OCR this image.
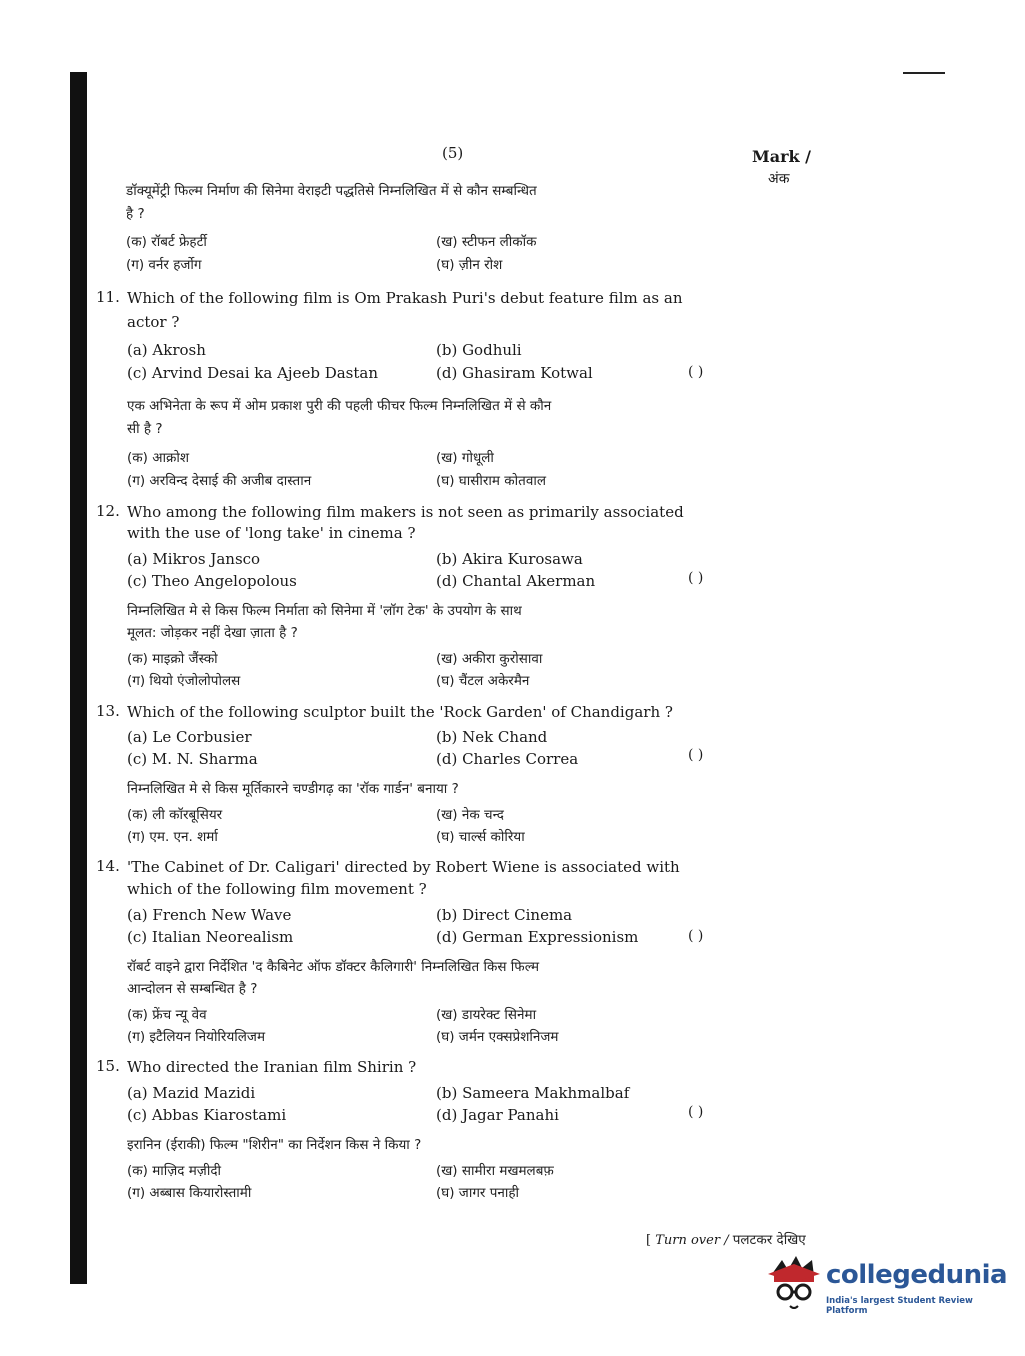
(5)	Mark /
अंक
डॉक्यूमेंट्री फिल्म निर्माण की सिनेमा वेराइटी पद्धतिसे निम्नलिखित में से कौन सम्बन्धित
है ?
(क) रॉबर्ट फ्रेहर्टी	(ख) स्टीफन लीकॉक
(ग) वर्नर हर्जोग	(घ) ज़ीन रोश
11. Which of the following film is Om Prakash Puri's debut feature film as an
actor ?
(a) Akrosh	(b) Godhuli
(c) Arvind Desai ka Ajeeb Dastan	(d) Ghasiram Kotwal	( )
एक अभिनेता के रूप में ओम प्रकाश पुरी की पहली फीचर फिल्म निम्नलिखित में से कौन
सी है ?
(क) आक्रोश	(ख) गोधूली
(ग) अरविन्द देसाई की अजीब दास्तान	(घ) घासीराम कोतवाल
12. Who among the following film makers is not seen as primarily associated
with the use of 'long take' in cinema ?
(a) Mikros Jansco	(b) Akira Kurosawa
(c) Theo Angelopolous	(d) Chantal Akerman	( )
निम्नलिखित मे से किस फिल्म निर्माता को सिनेमा में 'लॉग टेक' के उपयोग के साथ
मूलत: जोड़कर नहीं देखा ज़ाता है ?
(क) माइक्रो जैंस्को	(ख) अकीरा कुरोसावा
(ग) थियो एंजोलोपोलस	(घ) चैंटल अकेरमैन
13. Which of the following sculptor built the 'Rock Garden' of Chandigarh ?
(a) Le Corbusier	(b) Nek Chand
(c) M. N. Sharma	(d) Charles Correa	( )
निम्नलिखित मे से किस मूर्तिकारने चण्डीगढ़ का 'रॉक गार्डन' बनाया ?
(क) ली कॉरबूसियर	(ख) नेक चन्द
(ग) एम. एन. शर्मा	(घ) चार्ल्स कोरिया
14. 'The Cabinet of Dr. Caligari' directed by Robert Wiene is associated with
which of the following film movement ?
(a) French New Wave	(b) Direct Cinema
(c) Italian Neorealism	(d) German Expressionism	( )
रॉबर्ट वाइने द्वारा निर्देशित 'द कैबिनेट ऑफ डॉक्टर कैलिगारी' निम्नलिखित किस फिल्म
आन्दोलन से सम्बन्धित है ?
(क) फ्रेंच न्यू वेव	(ख) डायरेक्ट सिनेमा
(ग) इटैलियन नियोरियलिजम	(घ) जर्मन एक्सप्रेशनिजम
15. Who directed the Iranian film Shirin ?
(a) Mazid Mazidi	(b) Sameera Makhmalbaf
(c) Abbas Kiarostami	(d) Jagar Panahi	( )
इरानिन (ईराकी) फिल्म "शिरीन" का निर्देशन किस ने किया ?
(क) माज़िद मज़ीदी	(ख) सामीरा मखमलबफ़
(ग) अब्बास कियारोस्तामी	(घ) जागर पनाही
[ Turn over / पलटकर देखिए
collegedunia
India's largest Student Review Platform
